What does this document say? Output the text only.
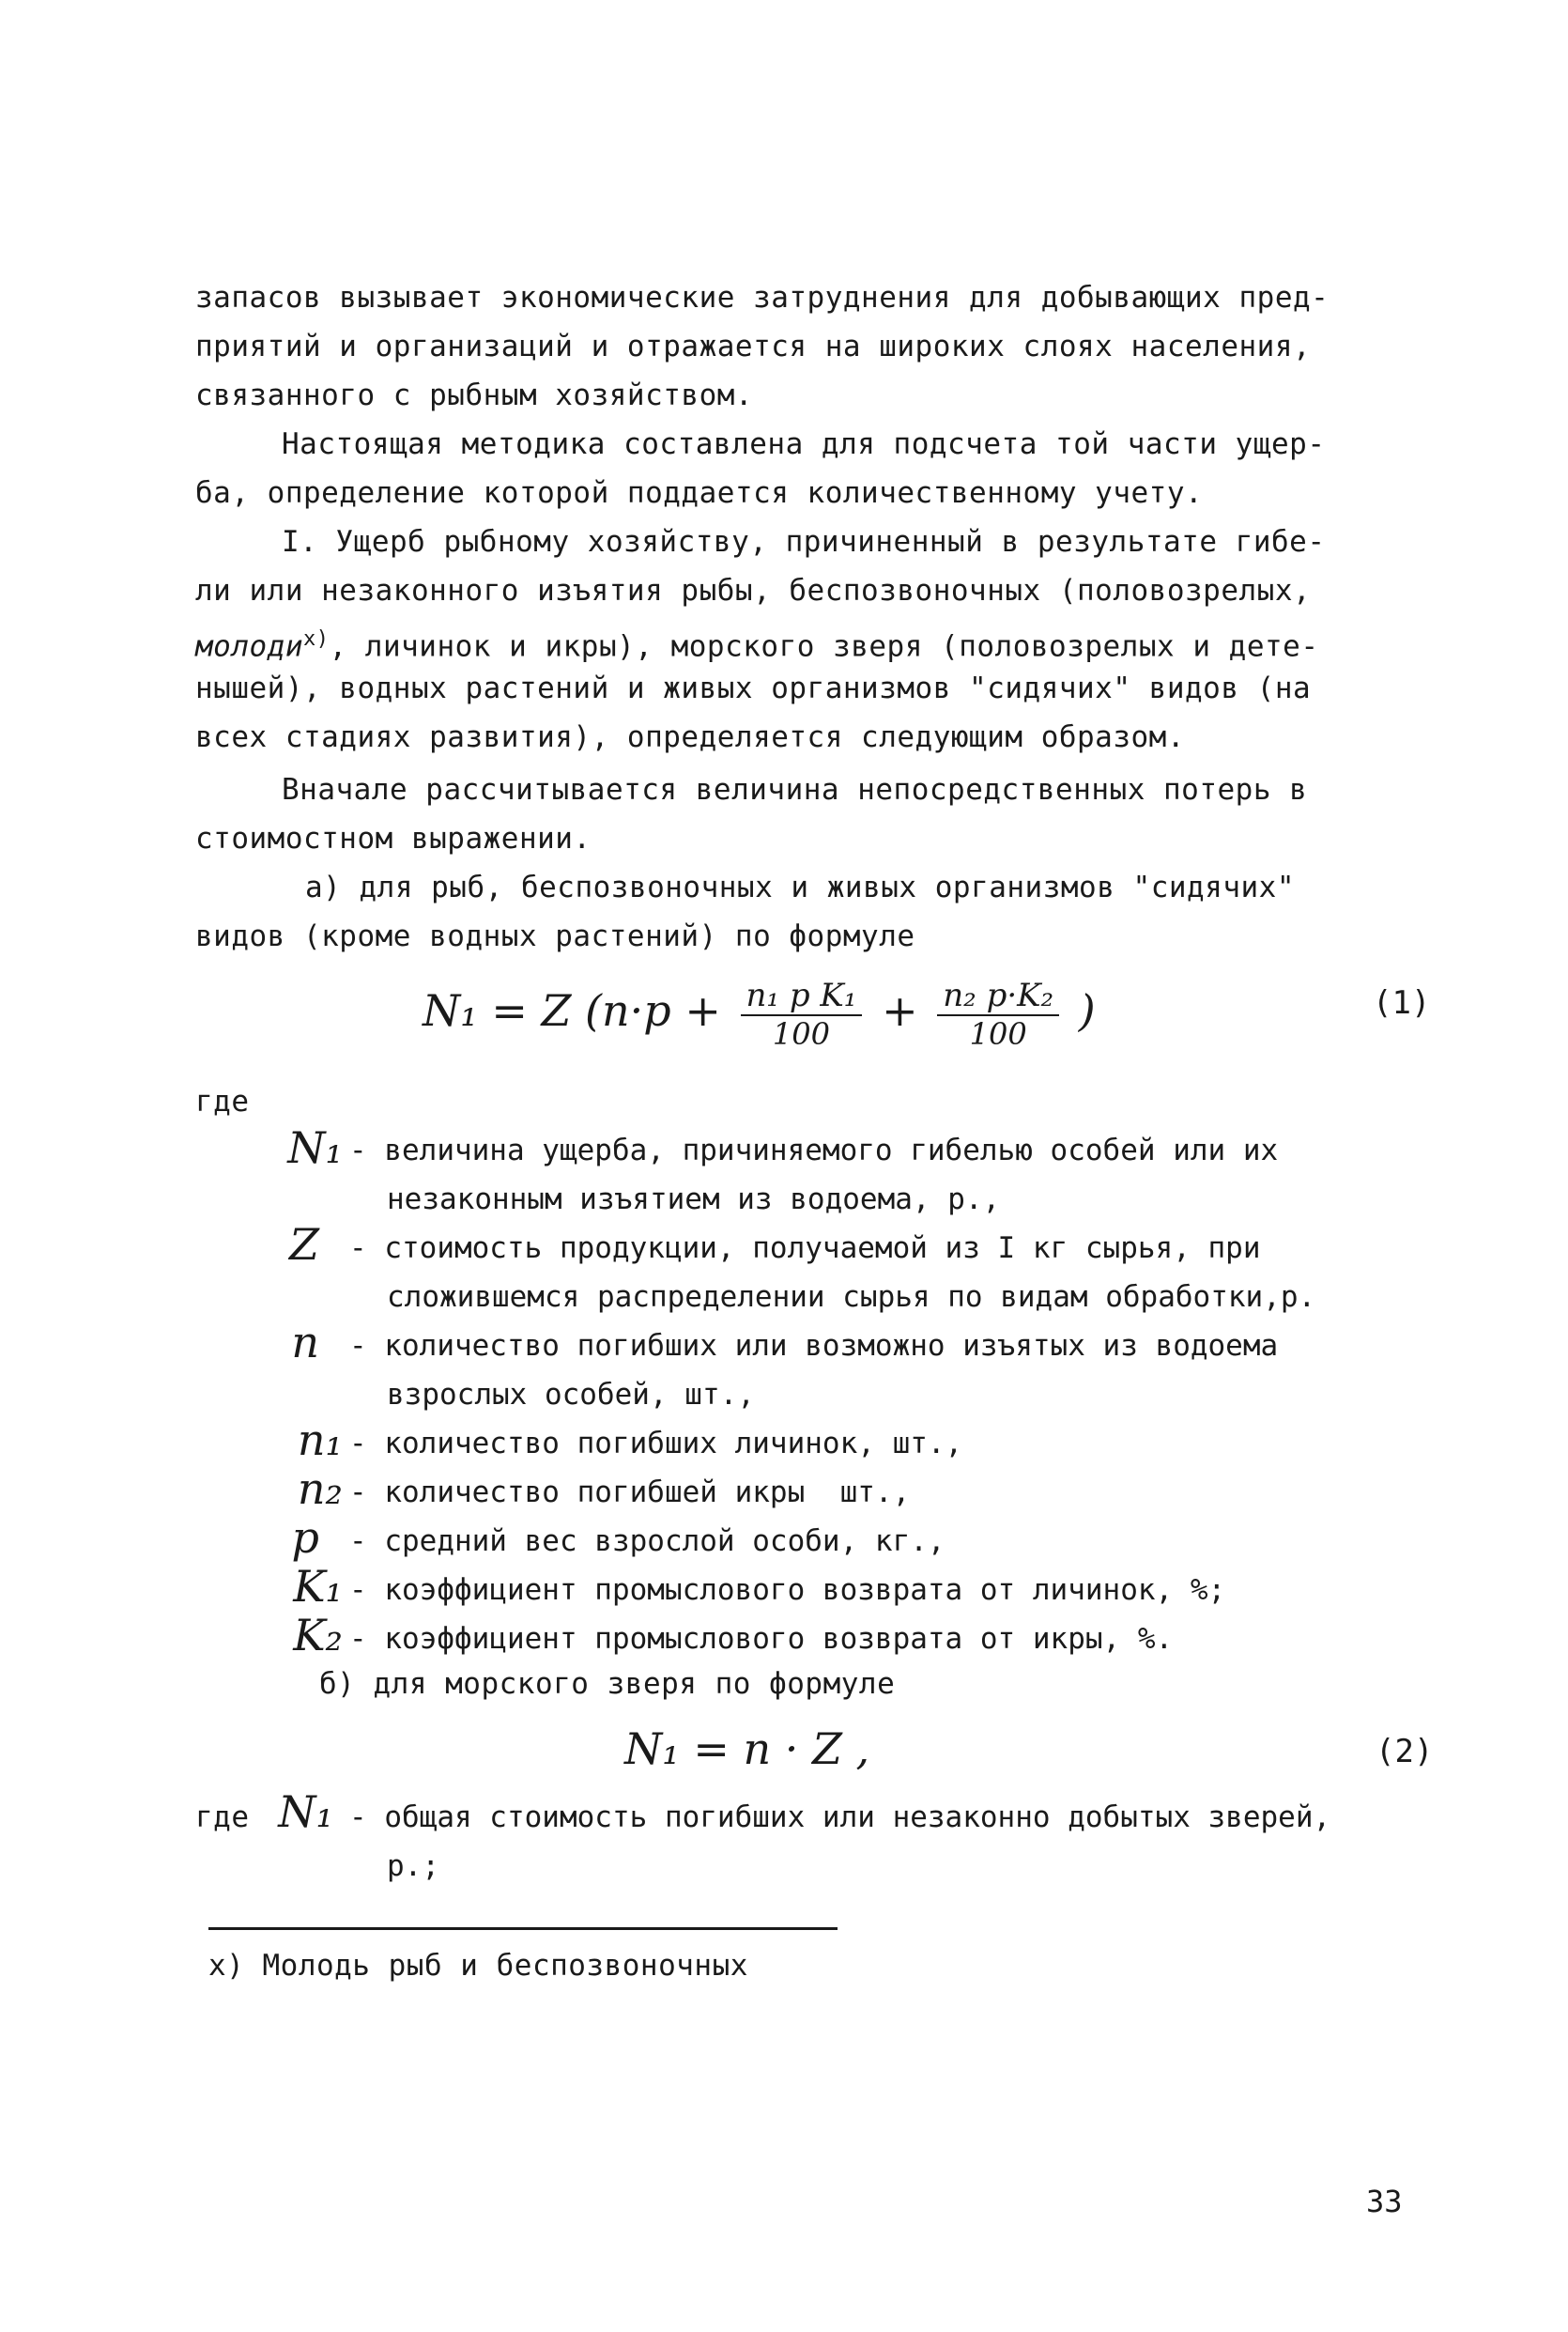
запасов вызывает экономические затруднения для добывающих пред-
приятий и организаций и отражается на широких слоях населения,
связанного с рыбным хозяйством.
Настоящая методика составлена для подсчета той части ущер-
ба, определение которой поддается количественному учету.
I. Ущерб рыбному хозяйству, причиненный в результате гибе-
ли или незаконного изъятия рыбы, беспозвоночных (половозрелых,
молоди$^{х)}$, личинок и икры), морского зверя (половозрелых и дете-
нышей), водных растений и живых организмов "сидячих" видов (на
всех стадиях развития), определяется следующим образом.
Вначале рассчитывается величина непосредственных потерь в
стоимостном выражении.
а) для рыб, беспозвоночных и живых организмов "сидячих"
видов (кроме водных растений) по формуле
N₁ = Z ($n\cdot p + \frac{\text{n₁ p K₁}}{100} + \frac{\text{n₂ p·K₂}}{100}$ )	(1)
где
N₁ - величина ущерба, причиняемого гибелью особей или их
незаконным изъятием из водоема, р.,
Z - стоимость продукции, получаемой из I кг сырья, при
сложившемся распределении сырья по видам обработки,р.
n - количество погибших или возможно изъятых из водоема
взрослых особей, шт.,
n₁ - количество погибших личинок, шт.,
n₂ - количество погибшей икры  шт.,
p - средний вес взрослой особи, кг.,
K₁ - коэффициент промыслового возврата от личинок, %;
K₂ - коэффициент промыслового возврата от икры, %.
б) для морского зверя по формуле
N₁ = n · Z ,	(2)
где N₁ - общая стоимость погибших или незаконно добытых зверей,
р.;
х) Молодь рыб и беспозвоночных
33
